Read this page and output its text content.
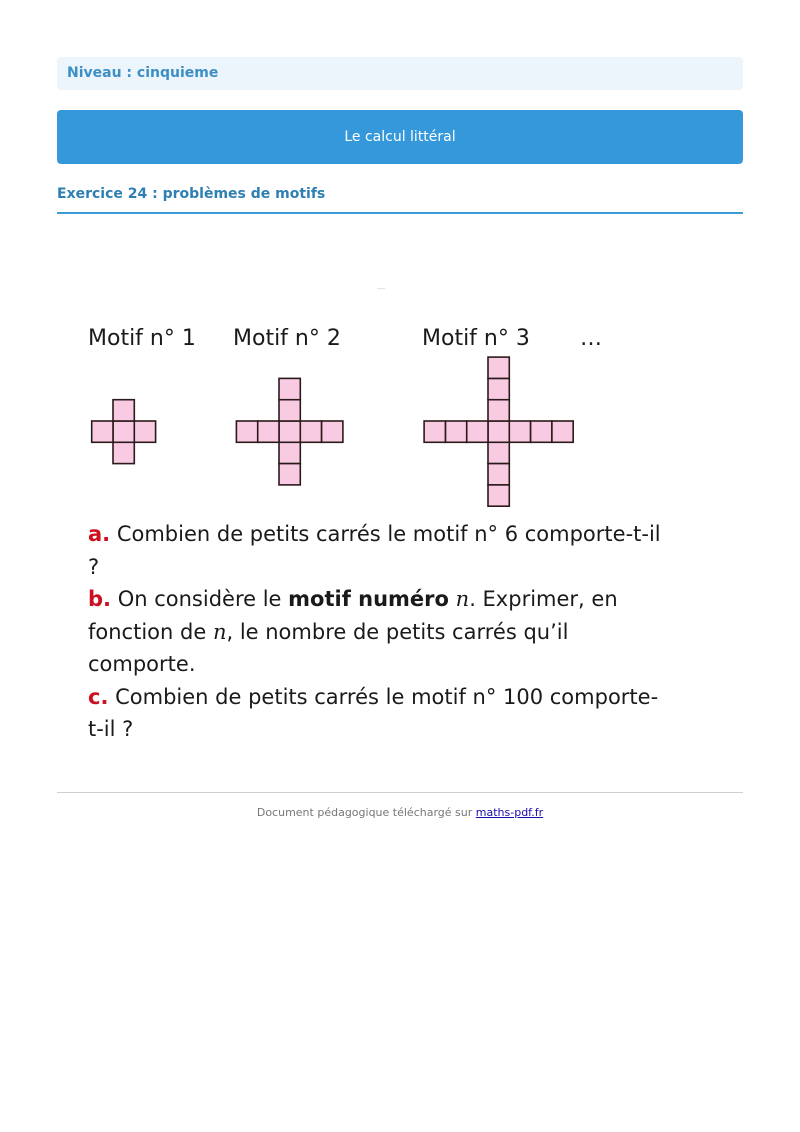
Niveau : cinquieme
Le calcul littéral
Exercice 24 : problèmes de motifs
Motif n° 1 Motif n° 2	Motif n° 3 …
a. Combien de petits carrés le motif n° 6 comporte-t-il ?
b. On considère le motif numéro n. Exprimer, en fonction de n, le nombre de petits carrés qu’il comporte.
c. Combien de petits carrés le motif n° 100 comporte-t-il ?
Document pédagogique téléchargé sur maths-pdf.fr
